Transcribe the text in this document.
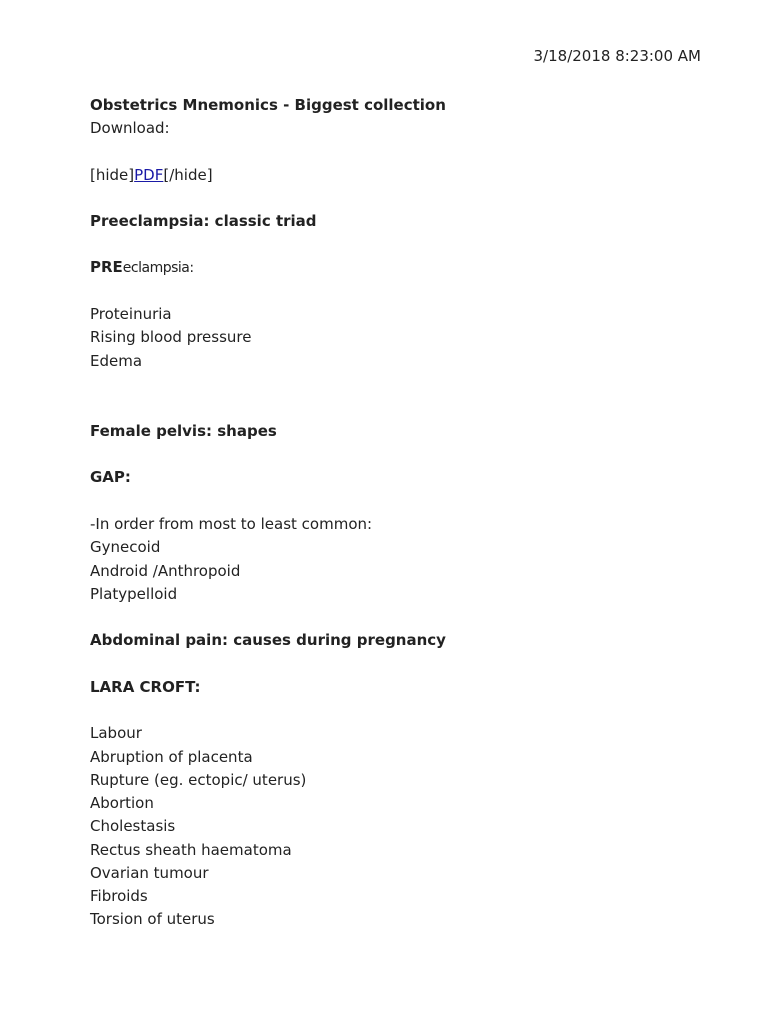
3/18/2018 8:23:00 AM
Obstetrics Mnemonics - Biggest collection
Download:
[hide]PDF[/hide]
Preeclampsia: classic triad
PREeclampsia:
Proteinuria
Rising blood pressure
Edema
Female pelvis: shapes
GAP:
-In order from most to least common:
Gynecoid
Android /Anthropoid
Platypelloid
Abdominal pain: causes during pregnancy
LARA CROFT:
Labour
Abruption of placenta
Rupture (eg. ectopic/ uterus)
Abortion
Cholestasis
Rectus sheath haematoma
Ovarian tumour
Fibroids
Torsion of uterus
